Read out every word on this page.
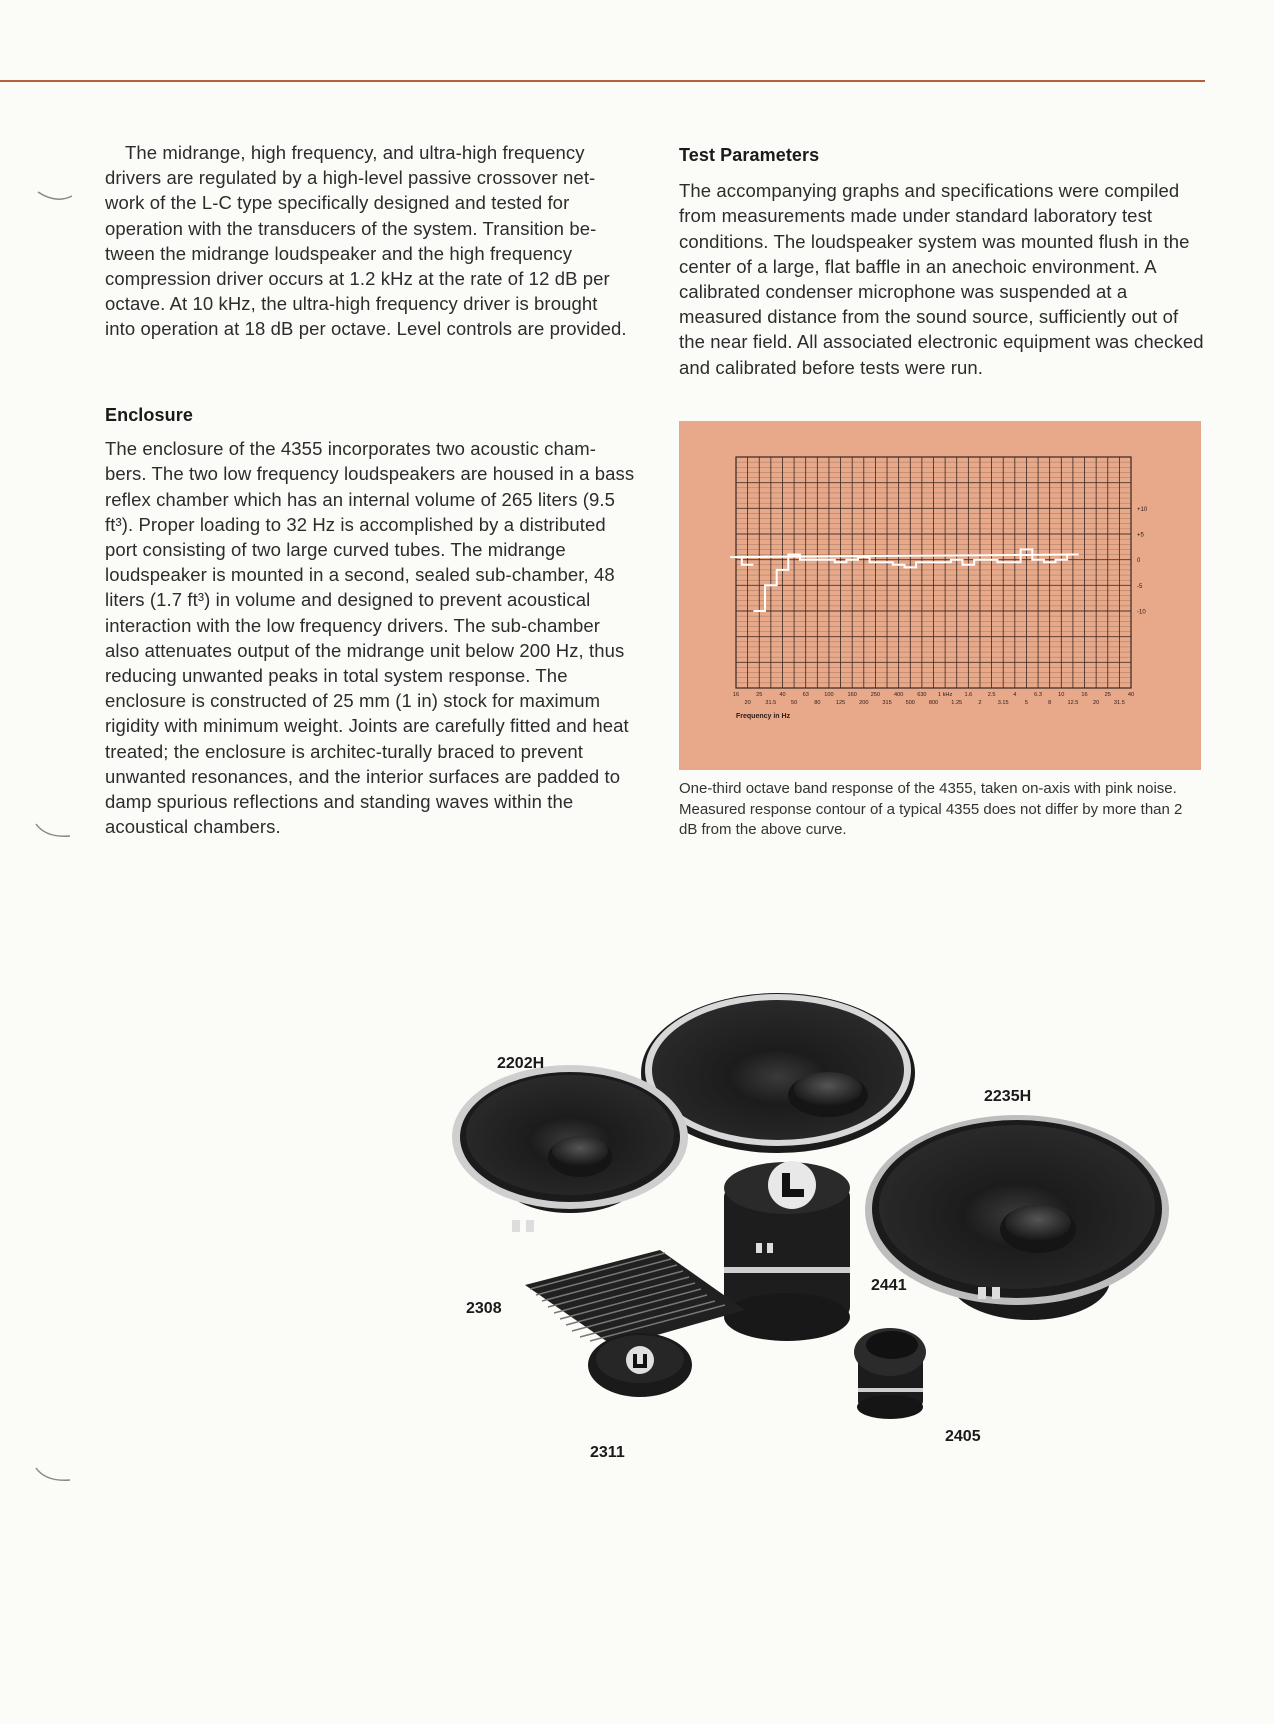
The midrange, high frequency, and ultra-high frequency drivers are regulated by a high-level passive crossover net-work of the L-C type specifically designed and tested for operation with the transducers of the system. Transition be-tween the midrange loudspeaker and the high frequency compression driver occurs at 1.2 kHz at the rate of 12 dB per octave. At 10 kHz, the ultra-high frequency driver is brought into operation at 18 dB per octave. Level controls are provided.

Enclosure

The enclosure of the 4355 incorporates two acoustic cham-bers. The two low frequency loudspeakers are housed in a bass reflex chamber which has an internal volume of 265 liters (9.5 ft³). Proper loading to 32 Hz is accomplished by a distributed port consisting of two large curved tubes. The midrange loudspeaker is mounted in a second, sealed sub-chamber, 48 liters (1.7 ft³) in volume and designed to prevent acoustical interaction with the low frequency drivers. The sub-chamber also attenuates output of the midrange unit below 200 Hz, thus reducing unwanted peaks in total system response. The enclosure is constructed of 25 mm (1 in) stock for maximum rigidity with minimum weight. Joints are carefully fitted and heat treated; the enclosure is architec-turally braced to prevent unwanted resonances, and the interior surfaces are padded to damp spurious reflections and standing waves within the acoustical chambers.

Test Parameters

The accompanying graphs and specifications were compiled from measurements made under standard laboratory test conditions. The loudspeaker system was mounted flush in the center of a large, flat baffle in an anechoic environment. A calibrated condenser microphone was suspended at a measured distance from the sound source, sufficiently out of the near field. All associated electronic equipment was checked and calibrated before tests were run.

+10
+5
0
-5
-10
16
20
25
31.5
40
50
63
80
100
125
160
200
250
315
400
500
630
800
1 kHz
1.25
1.6
2
2.5
3.15
4
5
6.3
8
10
12.5
16
20
25
31.5
40
Frequency in Hz
One-third octave band response of the 4355, taken on-axis with pink noise. Measured response contour of a typical 4355 does not differ by more than 2 dB from the above curve.
2202H
2235H
2441
2308
2311
2405
